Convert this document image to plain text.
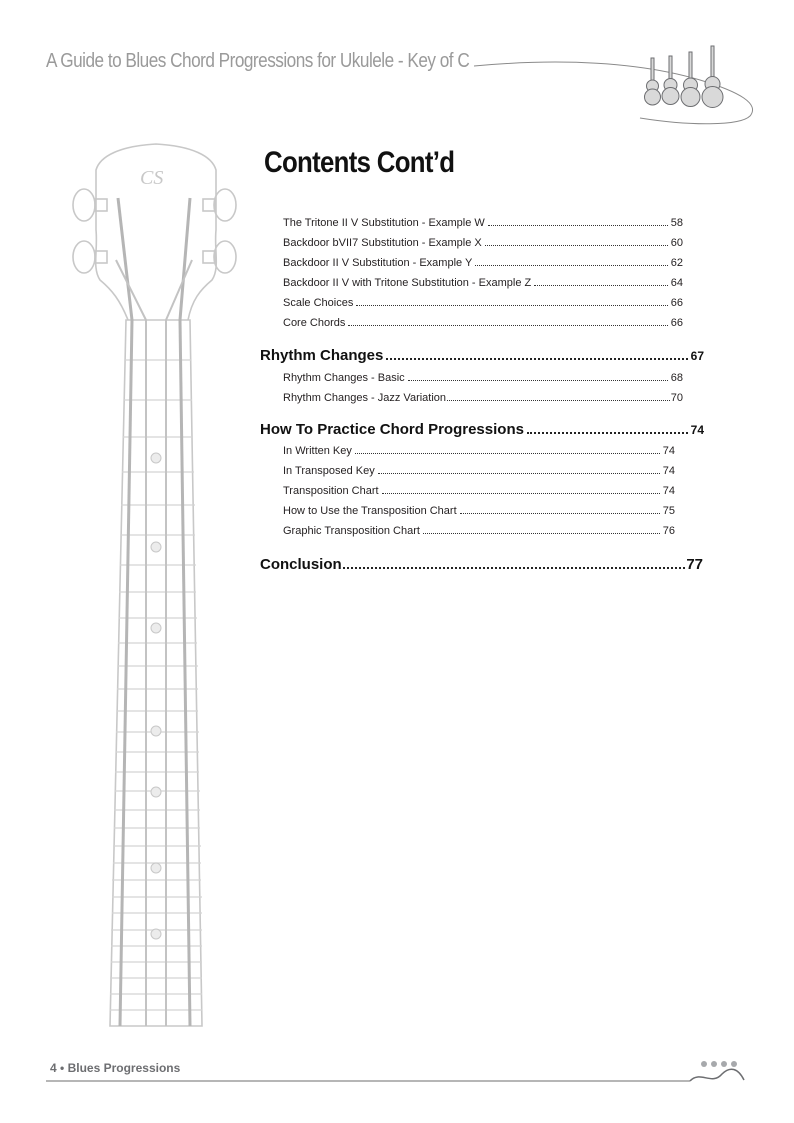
A Guide to Blues Chord Progressions for Ukulele - Key of C
CS	Contents Cont’d
The Tritone II V Substitution - Example W	58
Backdoor bVII7 Substitution - Example X	60
Backdoor II V Substitution - Example Y	62
Backdoor II V with Tritone Substitution - Example Z	64
Scale Choices	66
Core Chords	66
Rhythm Changes	67
Rhythm Changes - Basic	68
Rhythm Changes - Jazz Variation	70
How To Practice Chord Progressions	74
In Written Key	74
In Transposed Key	74
Transposition Chart	74
How to Use the Transposition Chart	75
Graphic Transposition Chart	76
Conclusion	77
4 • Blues Progressions
